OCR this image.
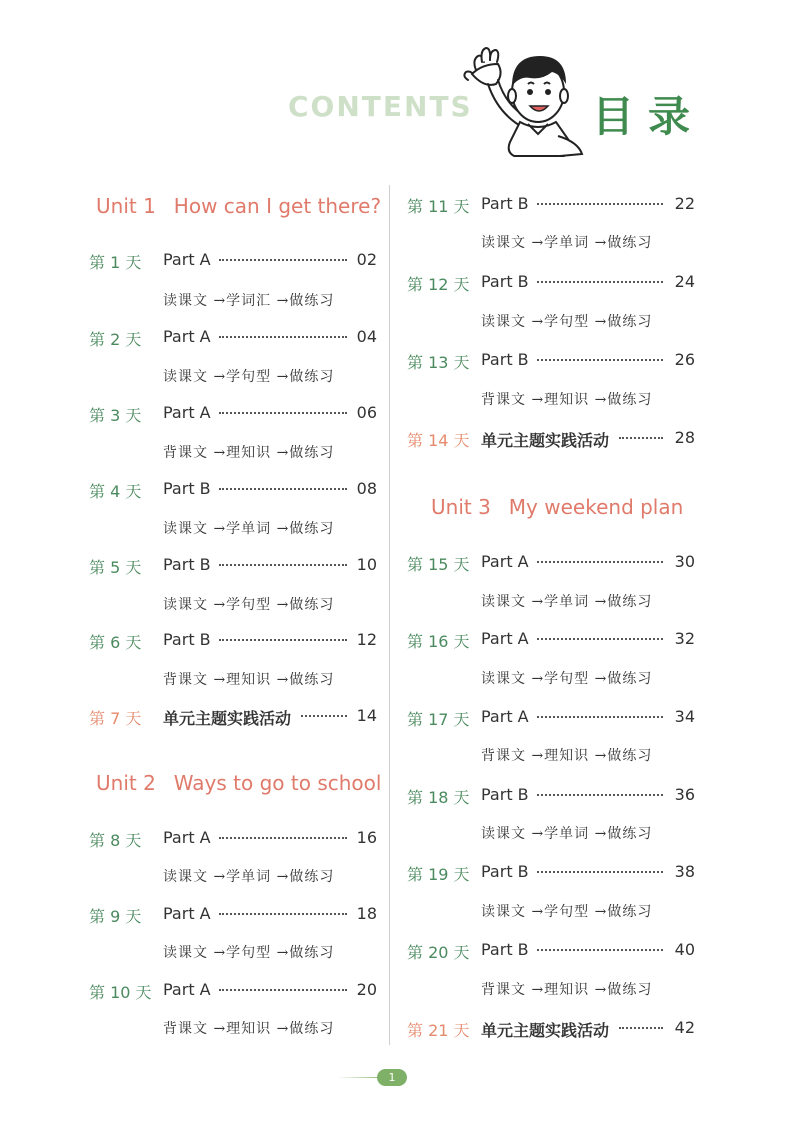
CONTENTS	目录
Unit 1 How can I get there?
第 1 天 Part A	02
读课文 →学词汇 →做练习
第 2 天 Part A	04
读课文 →学句型 →做练习
第 3 天 Part A	06
背课文 →理知识 →做练习
第 4 天 Part B	08
读课文 →学单词 →做练习
第 5 天 Part B	10
读课文 →学句型 →做练习
第 6 天 Part B	12
背课文 →理知识 →做练习
第 7 天 单元主题实践活动	14
Unit 2 Ways to go to school
第 8 天 Part A	16
读课文 →学单词 →做练习
第 9 天 Part A	18
读课文 →学句型 →做练习
第 10 天 Part A	20
背课文 →理知识 →做练习
第 11 天 Part B	22
读课文 →学单词 →做练习
第 12 天 Part B	24
读课文 →学句型 →做练习
第 13 天 Part B	26
背课文 →理知识 →做练习
第 14 天 单元主题实践活动	28
Unit 3 My weekend plan
第 15 天 Part A	30
读课文 →学单词 →做练习
第 16 天 Part A	32
读课文 →学句型 →做练习
第 17 天 Part A	34
背课文 →理知识 →做练习
第 18 天 Part B	36
读课文 →学单词 →做练习
第 19 天 Part B	38
读课文 →学句型 →做练习
第 20 天 Part B	40
背课文 →理知识 →做练习
第 21 天 单元主题实践活动	42
1
